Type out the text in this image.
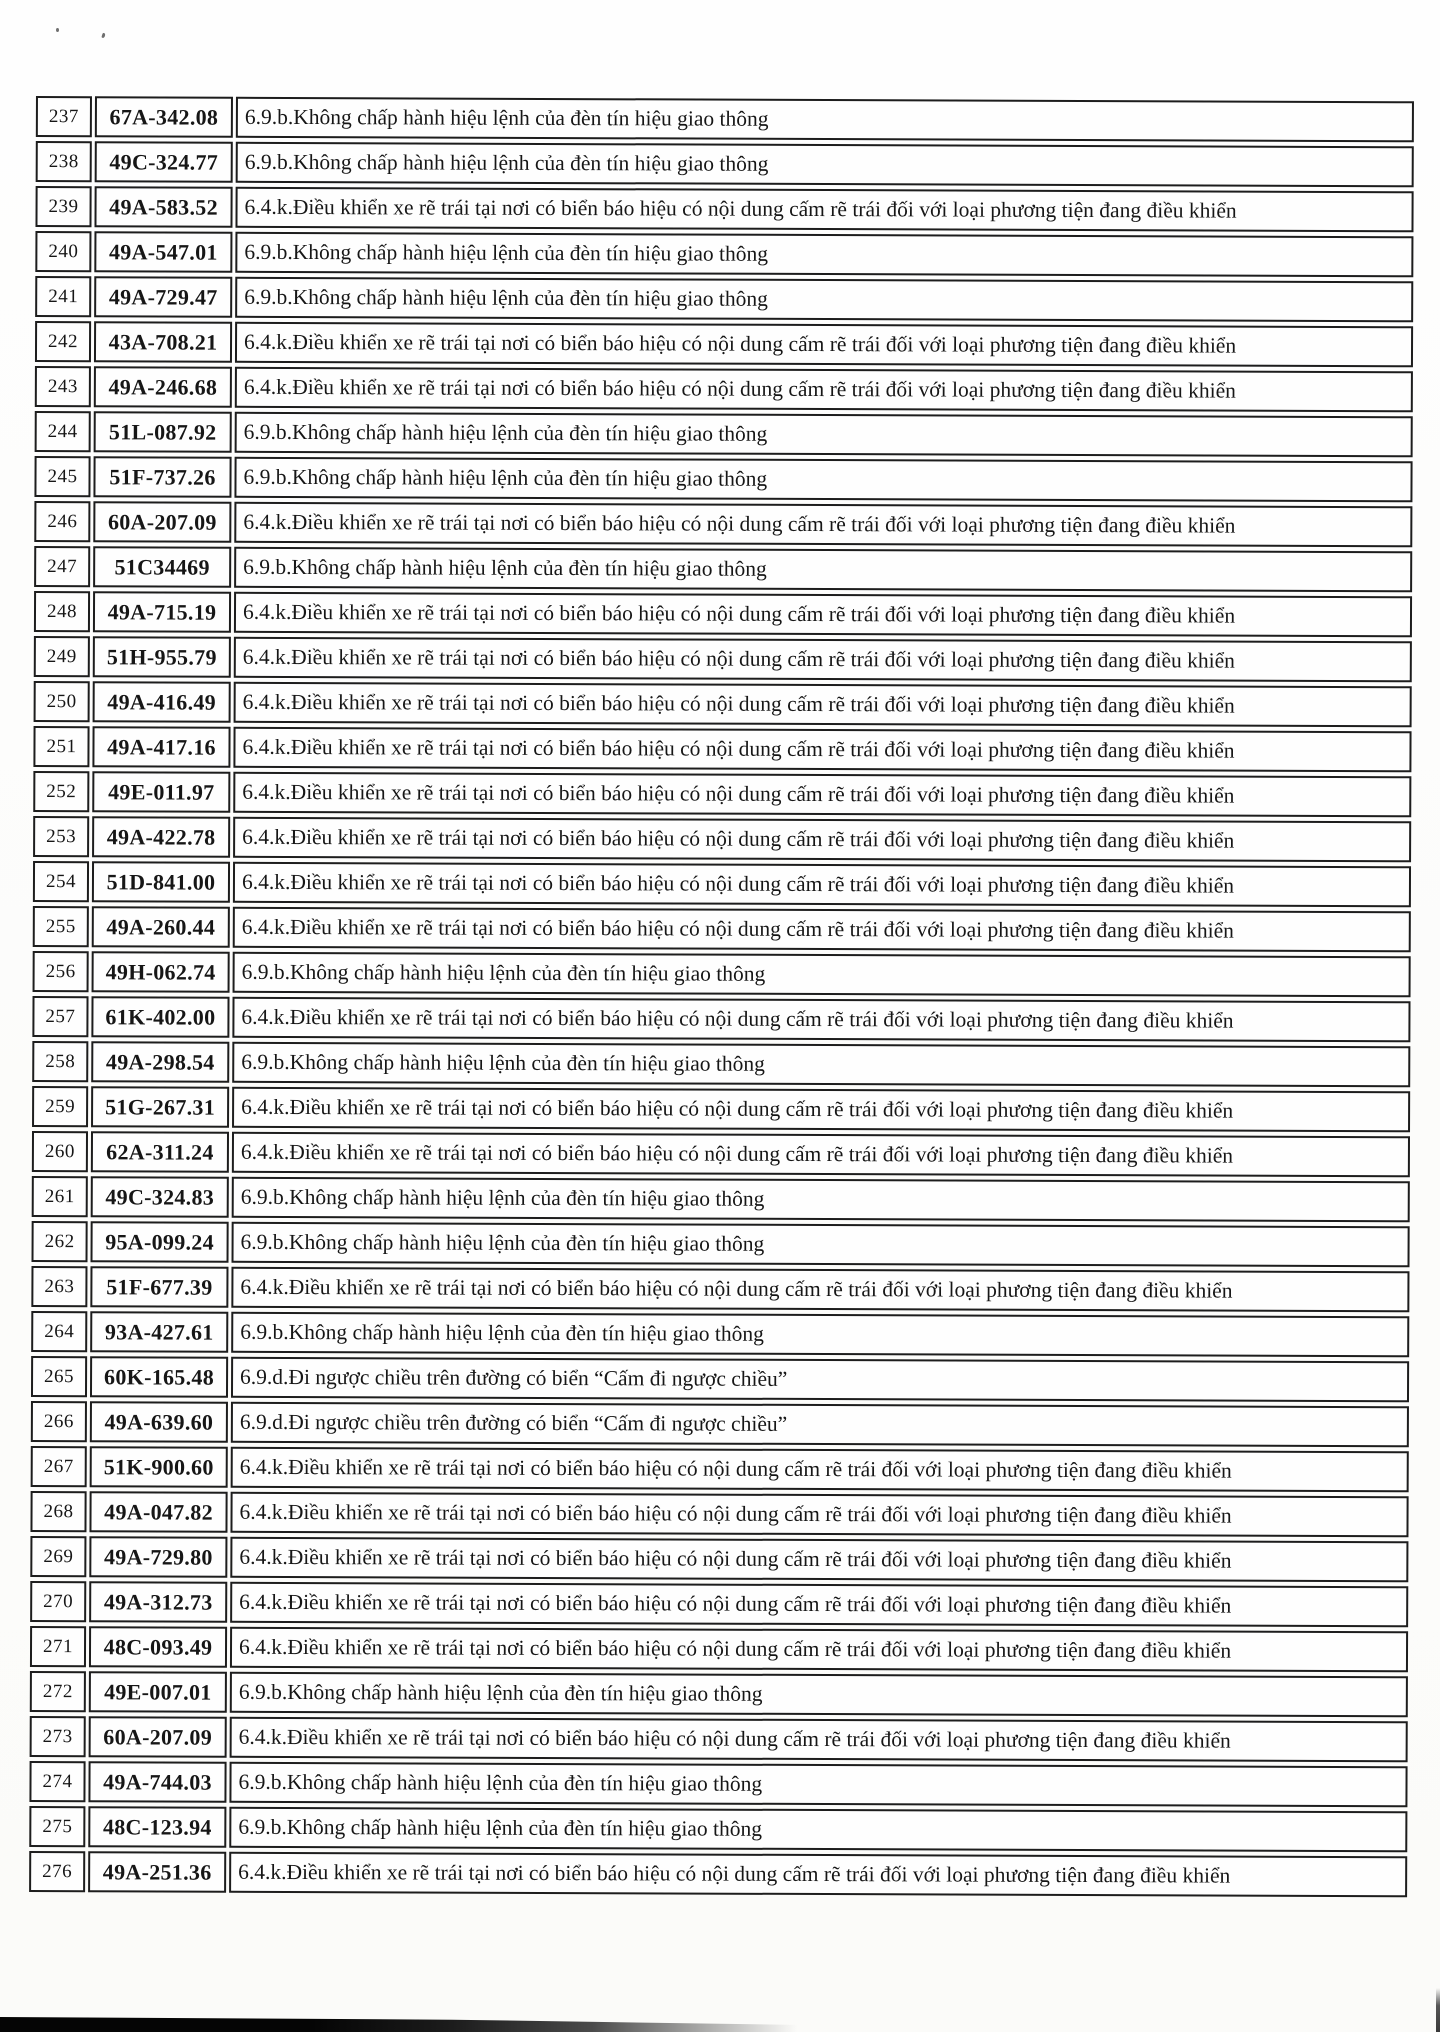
237	67A-342.08	6.9.b.Không chấp hành hiệu lệnh của đèn tín hiệu giao thông
238	49C-324.77	6.9.b.Không chấp hành hiệu lệnh của đèn tín hiệu giao thông
239	49A-583.52	6.4.k.Điều khiển xe rẽ trái tại nơi có biển báo hiệu có nội dung cấm rẽ trái đối với loại phương tiện đang điều khiển
240	49A-547.01	6.9.b.Không chấp hành hiệu lệnh của đèn tín hiệu giao thông
241	49A-729.47	6.9.b.Không chấp hành hiệu lệnh của đèn tín hiệu giao thông
242	43A-708.21	6.4.k.Điều khiển xe rẽ trái tại nơi có biển báo hiệu có nội dung cấm rẽ trái đối với loại phương tiện đang điều khiển
243	49A-246.68	6.4.k.Điều khiển xe rẽ trái tại nơi có biển báo hiệu có nội dung cấm rẽ trái đối với loại phương tiện đang điều khiển
244	51L-087.92	6.9.b.Không chấp hành hiệu lệnh của đèn tín hiệu giao thông
245	51F-737.26	6.9.b.Không chấp hành hiệu lệnh của đèn tín hiệu giao thông
246	60A-207.09	6.4.k.Điều khiển xe rẽ trái tại nơi có biển báo hiệu có nội dung cấm rẽ trái đối với loại phương tiện đang điều khiển
247	51C34469	6.9.b.Không chấp hành hiệu lệnh của đèn tín hiệu giao thông
248	49A-715.19	6.4.k.Điều khiển xe rẽ trái tại nơi có biển báo hiệu có nội dung cấm rẽ trái đối với loại phương tiện đang điều khiển
249	51H-955.79	6.4.k.Điều khiển xe rẽ trái tại nơi có biển báo hiệu có nội dung cấm rẽ trái đối với loại phương tiện đang điều khiển
250	49A-416.49	6.4.k.Điều khiển xe rẽ trái tại nơi có biển báo hiệu có nội dung cấm rẽ trái đối với loại phương tiện đang điều khiển
251	49A-417.16	6.4.k.Điều khiển xe rẽ trái tại nơi có biển báo hiệu có nội dung cấm rẽ trái đối với loại phương tiện đang điều khiển
252	49E-011.97	6.4.k.Điều khiển xe rẽ trái tại nơi có biển báo hiệu có nội dung cấm rẽ trái đối với loại phương tiện đang điều khiển
253	49A-422.78	6.4.k.Điều khiển xe rẽ trái tại nơi có biển báo hiệu có nội dung cấm rẽ trái đối với loại phương tiện đang điều khiển
254	51D-841.00	6.4.k.Điều khiển xe rẽ trái tại nơi có biển báo hiệu có nội dung cấm rẽ trái đối với loại phương tiện đang điều khiển
255	49A-260.44	6.4.k.Điều khiển xe rẽ trái tại nơi có biển báo hiệu có nội dung cấm rẽ trái đối với loại phương tiện đang điều khiển
256	49H-062.74	6.9.b.Không chấp hành hiệu lệnh của đèn tín hiệu giao thông
257	61K-402.00	6.4.k.Điều khiển xe rẽ trái tại nơi có biển báo hiệu có nội dung cấm rẽ trái đối với loại phương tiện đang điều khiển
258	49A-298.54	6.9.b.Không chấp hành hiệu lệnh của đèn tín hiệu giao thông
259	51G-267.31	6.4.k.Điều khiển xe rẽ trái tại nơi có biển báo hiệu có nội dung cấm rẽ trái đối với loại phương tiện đang điều khiển
260	62A-311.24	6.4.k.Điều khiển xe rẽ trái tại nơi có biển báo hiệu có nội dung cấm rẽ trái đối với loại phương tiện đang điều khiển
261	49C-324.83	6.9.b.Không chấp hành hiệu lệnh của đèn tín hiệu giao thông
262	95A-099.24	6.9.b.Không chấp hành hiệu lệnh của đèn tín hiệu giao thông
263	51F-677.39	6.4.k.Điều khiển xe rẽ trái tại nơi có biển báo hiệu có nội dung cấm rẽ trái đối với loại phương tiện đang điều khiển
264	93A-427.61	6.9.b.Không chấp hành hiệu lệnh của đèn tín hiệu giao thông
265	60K-165.48	6.9.d.Đi ngược chiều trên đường có biển “Cấm đi ngược chiều”
266	49A-639.60	6.9.d.Đi ngược chiều trên đường có biển “Cấm đi ngược chiều”
267	51K-900.60	6.4.k.Điều khiển xe rẽ trái tại nơi có biển báo hiệu có nội dung cấm rẽ trái đối với loại phương tiện đang điều khiển
268	49A-047.82	6.4.k.Điều khiển xe rẽ trái tại nơi có biển báo hiệu có nội dung cấm rẽ trái đối với loại phương tiện đang điều khiển
269	49A-729.80	6.4.k.Điều khiển xe rẽ trái tại nơi có biển báo hiệu có nội dung cấm rẽ trái đối với loại phương tiện đang điều khiển
270	49A-312.73	6.4.k.Điều khiển xe rẽ trái tại nơi có biển báo hiệu có nội dung cấm rẽ trái đối với loại phương tiện đang điều khiển
271	48C-093.49	6.4.k.Điều khiển xe rẽ trái tại nơi có biển báo hiệu có nội dung cấm rẽ trái đối với loại phương tiện đang điều khiển
272	49E-007.01	6.9.b.Không chấp hành hiệu lệnh của đèn tín hiệu giao thông
273	60A-207.09	6.4.k.Điều khiển xe rẽ trái tại nơi có biển báo hiệu có nội dung cấm rẽ trái đối với loại phương tiện đang điều khiển
274	49A-744.03	6.9.b.Không chấp hành hiệu lệnh của đèn tín hiệu giao thông
275	48C-123.94	6.9.b.Không chấp hành hiệu lệnh của đèn tín hiệu giao thông
276	49A-251.36	6.4.k.Điều khiển xe rẽ trái tại nơi có biển báo hiệu có nội dung cấm rẽ trái đối với loại phương tiện đang điều khiển
